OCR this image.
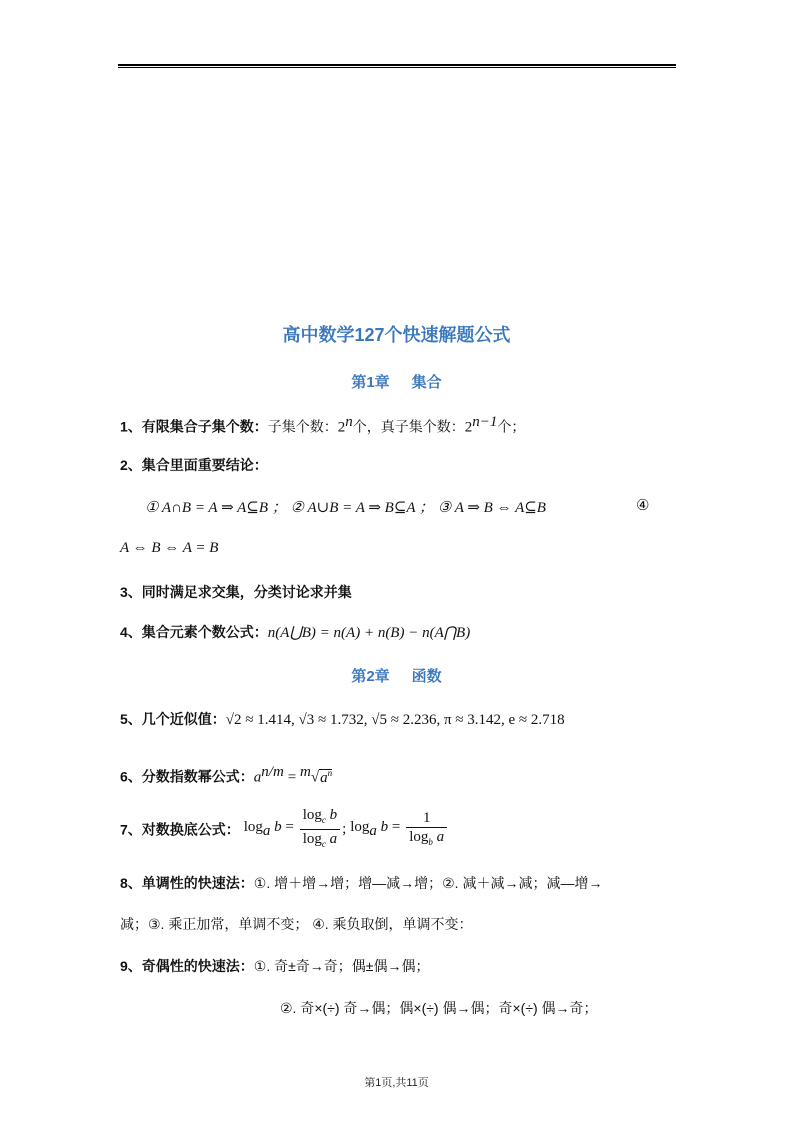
高中数学127个快速解题公式
第1章 集合
1、有限集合子集个数：子集个数：2$^n$个，真子集个数：$2^{n-1}$个；
2、集合里面重要结论：
① A∩B = A ⇒ A⊆B ； ② A∪B = A ⇒ B⊆A ； ③ A ⇒ B ⇔ A⊆B	④
A ⇔ B ⇔ A = B
3、同时满足求交集，分类讨论求并集
4、集合元素个数公式：n(A⋃B) = n(A) + n(B) − n(A⋂B)
第2章 函数
5、几个近似值：√2 ≈ 1.414, √3 ≈ 1.732, √5 ≈ 2.236, π ≈ 3.142, e ≈ 2.718
6、分数指数幂公式：$a^{n/m} = ^m√a^n$
7、对数换底公式： $\log_a b = \frac{\log_c b}{\log_c a}$ ; $\log_a b = \frac{1}{\log_b a}$
8、单调性的快速法：①. 增＋增→增；增—减→增；②. 减＋减→减；减—增→
减；③. 乘正加常，单调不变； ④. 乘负取倒，单调不变：
9、奇偶性的快速法：①. 奇±奇→奇；偶±偶→偶；
②. 奇×(÷) 奇→偶；偶×(÷) 偶→偶；奇×(÷) 偶→奇；
第1页,共11页
